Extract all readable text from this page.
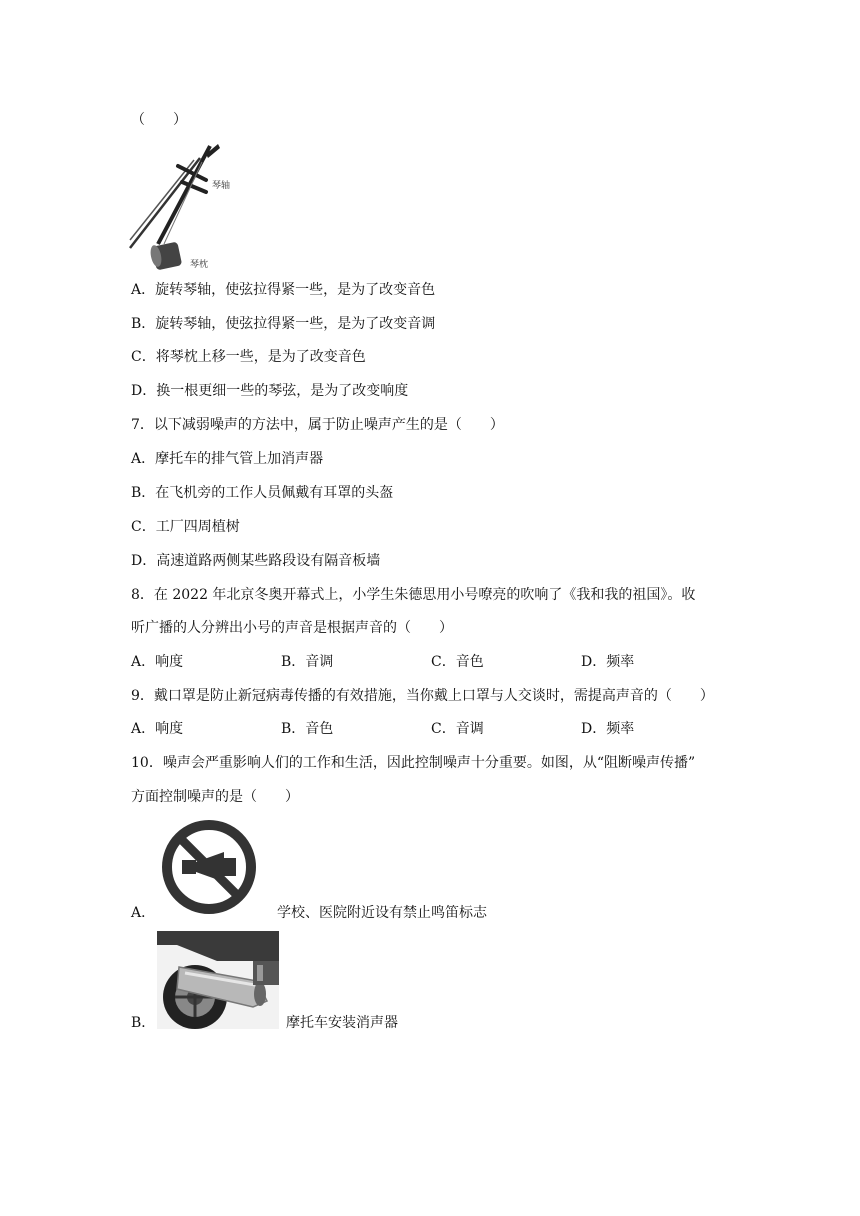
（　　）
琴轴
琴枕
A．旋转琴轴，使弦拉得紧一些，是为了改变音色
B．旋转琴轴，使弦拉得紧一些，是为了改变音调
C．将琴枕上移一些，是为了改变音色
D．换一根更细一些的琴弦，是为了改变响度
7．以下减弱噪声的方法中，属于防止噪声产生的是（　　）
A．摩托车的排气管上加消声器
B．在飞机旁的工作人员佩戴有耳罩的头盔
C．工厂四周植树
D．高速道路两侧某些路段设有隔音板墙
8．在 2022 年北京冬奥开幕式上，小学生朱德思用小号嘹亮的吹响了《我和我的祖国》。收
听广播的人分辨出小号的声音是根据声音的（　　）
A．响度	B．音调	C．音色	D．频率
9．戴口罩是防止新冠病毒传播的有效措施，当你戴上口罩与人交谈时，需提高声音的（　　）
A．响度	B．音色	C．音调	D．频率
10．噪声会严重影响人们的工作和生活，因此控制噪声十分重要。如图，从“阻断噪声传播”
方面控制噪声的是（　　）
A．	学校、医院附近设有禁止鸣笛标志
B．	摩托车安装消声器
